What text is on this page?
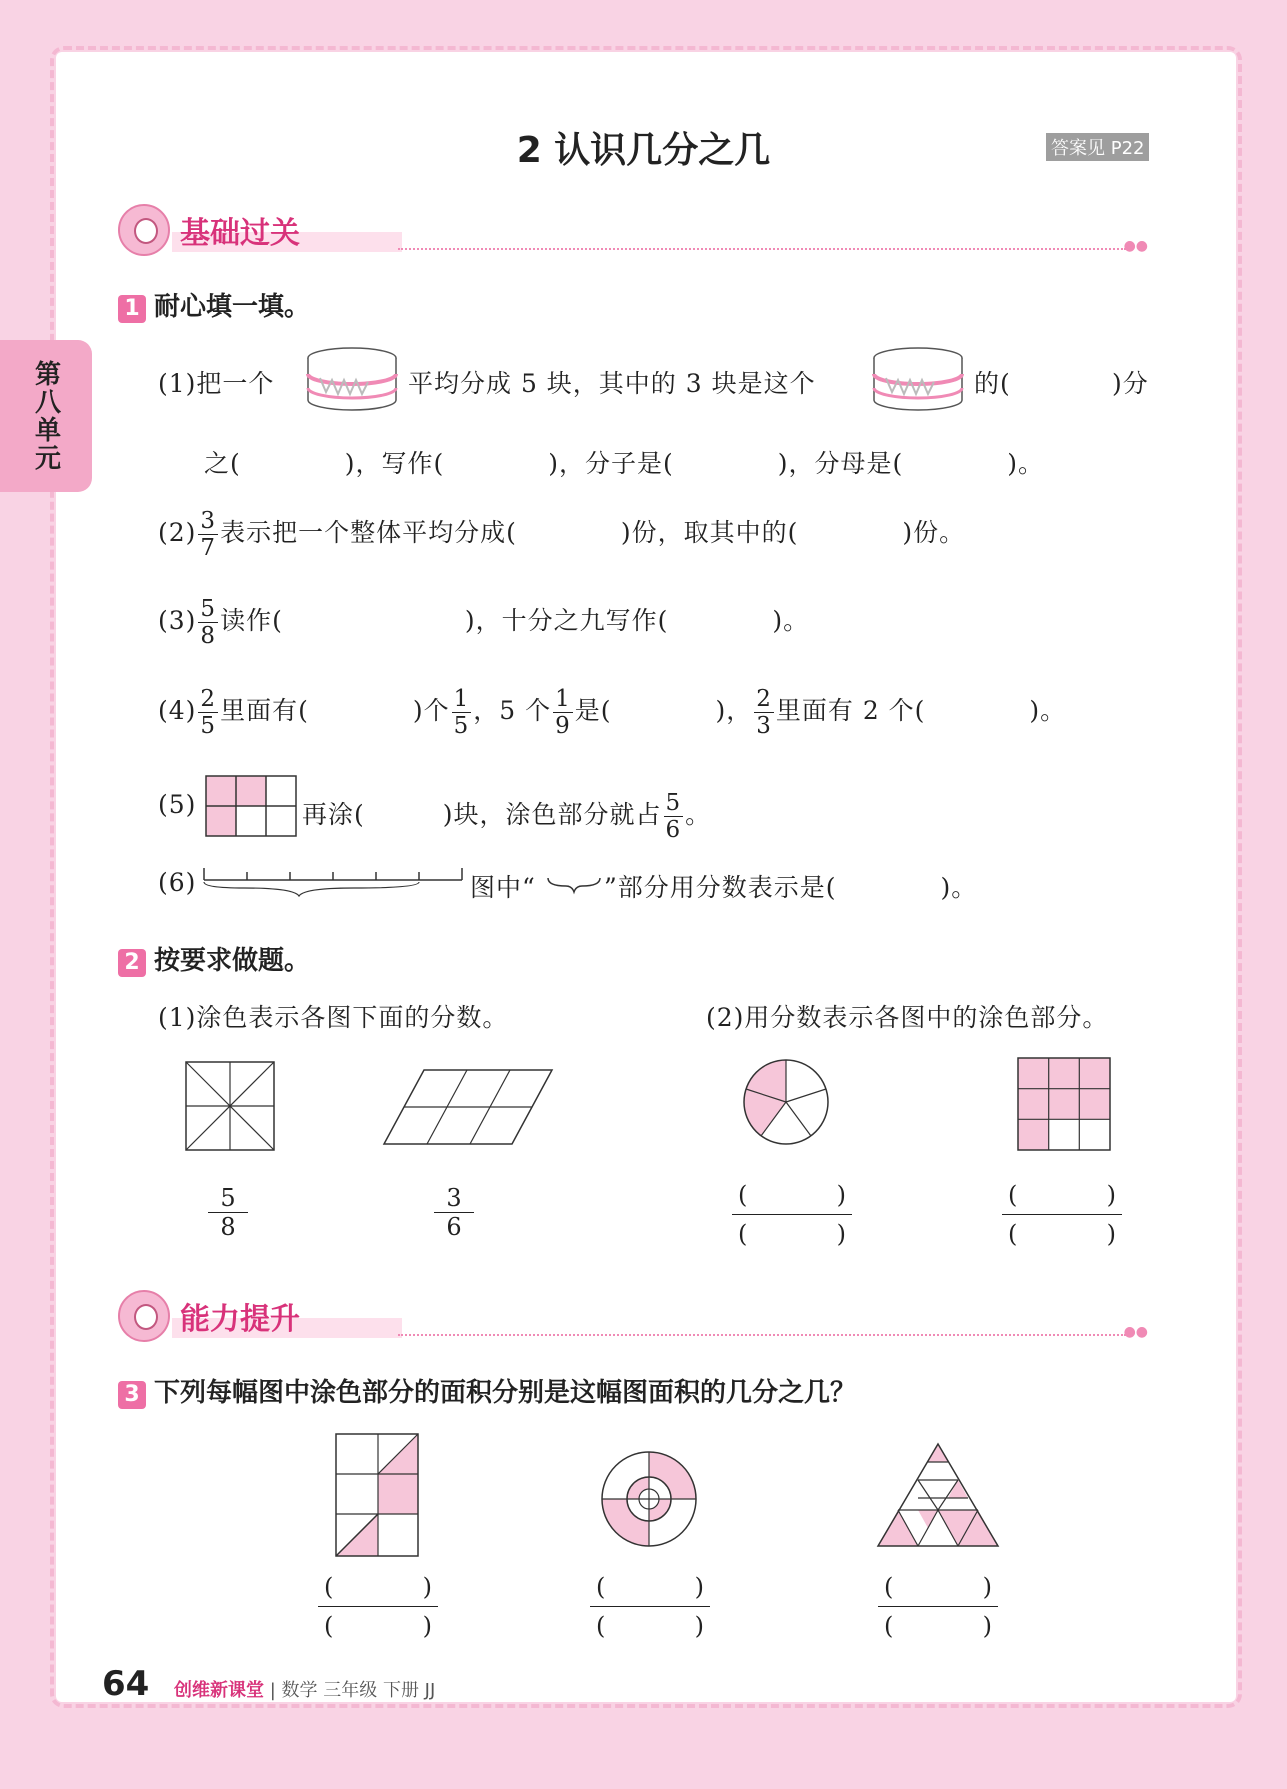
第八单元
2 认识几分之几	答案见 P22
基础过关	●●
1 耐心填一填。
(1)把一个	平均分成 5 块，其中的 3 块是这个	的(	)分
之(　　　　)，写作(　　　　)，分子是(　　　　)，分母是(　　　　)。
$(2) \frac{3}{7}$ 表示把一个整体平均分成(　　　　)份，取其中的(　　　　)份。
$(3) \frac{5}{8}$ 读作(　　　　　　　)，十分之九写作(　　　　)。
$(4) \frac{2}{5}$ 里面有(　　　　)个 $\frac{1}{5}$ ，5 个 $\frac{1}{9}$ 是(　　　　)， $\frac{2}{3}$ 里面有 2 个(　　　　)。
(5)	再涂(　　　)块，涂色部分就占 $\frac{5}{6}$ 。
(6)	图中“	”部分用分数表示是(　　　　)。
2 按要求做题。
(1)涂色表示各图下面的分数。	(2)用分数表示各图中的涂色部分。
5
8
3
6
(	)
(	)
(	)
(	)
能力提升	●●
3 下列每幅图中涂色部分的面积分别是这幅图面积的几分之几？
(	)
(	)
(	)
(	)
(	)
(	)
64 创维新课堂 | 数学 三年级 下册 JJ
